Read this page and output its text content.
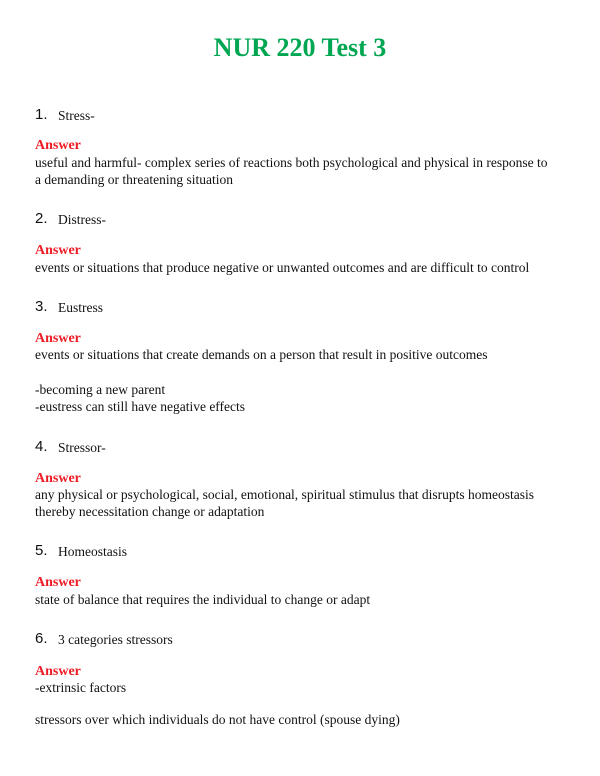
NUR 220 Test 3
1. Stress-
Answer
useful and harmful- complex series of reactions both psychological and physical in response to
a demanding or threatening situation
2. Distress-
Answer
events or situations that produce negative or unwanted outcomes and are difficult to control
3. Eustress
Answer
events or situations that create demands on a person that result in positive outcomes
-becoming a new parent
-eustress can still have negative effects
4. Stressor-
Answer
any physical or psychological, social, emotional, spiritual stimulus that disrupts homeostasis
thereby necessitation change or adaptation
5. Homeostasis
Answer
state of balance that requires the individual to change or adapt
6. 3 categories stressors
Answer
-extrinsic factors
stressors over which individuals do not have control (spouse dying)
